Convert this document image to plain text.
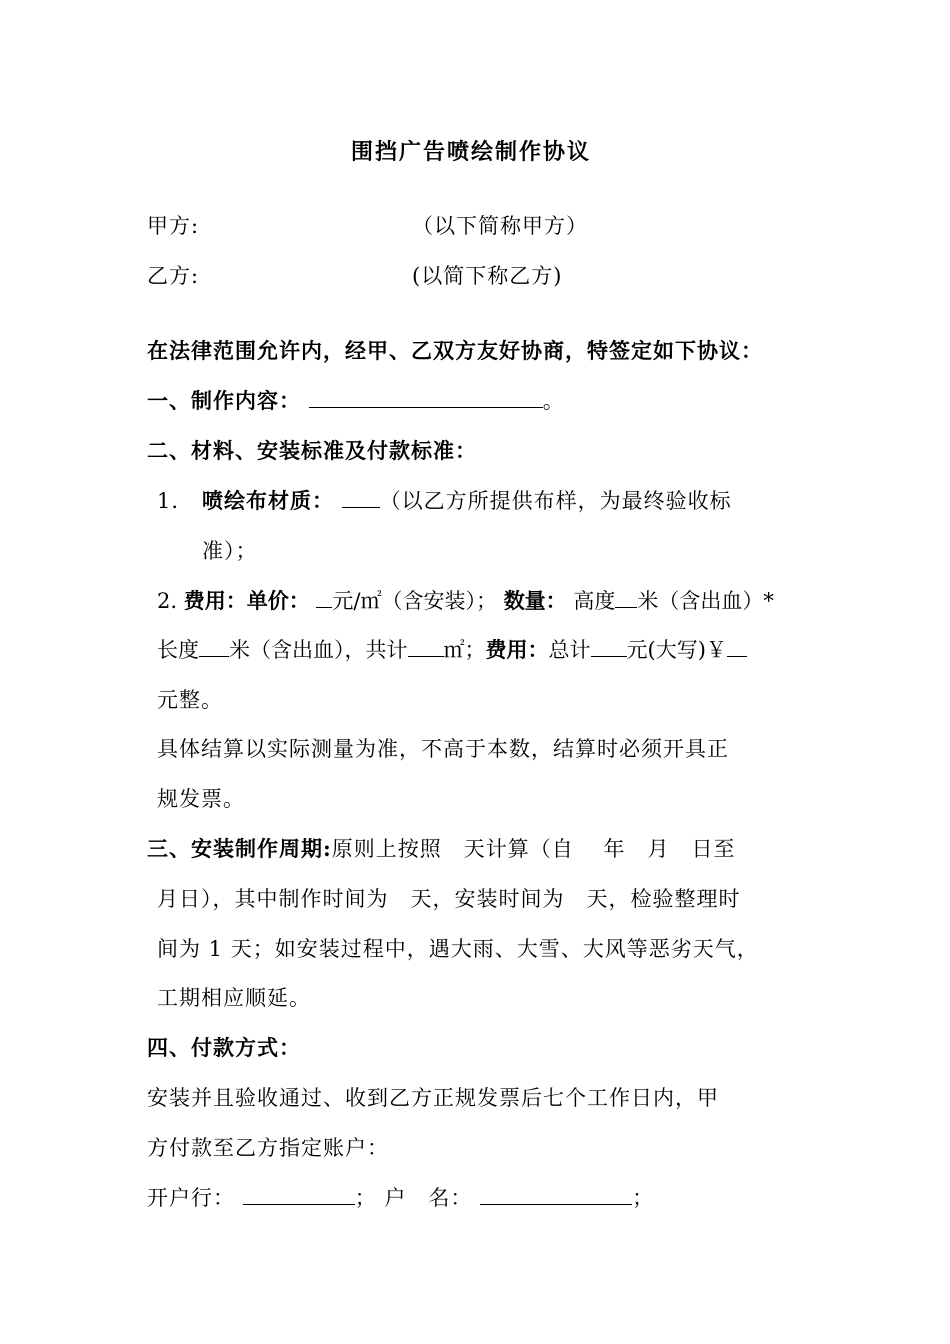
围挡广告喷绘制作协议
甲方:	（以下简称甲方）
乙方:	(以简下称乙方)
在法律范围允许内，经甲、乙双方友好协商，特签定如下协议：
一、制作内容：	。
二、材料、安装标准及付款标准：
1. 喷绘布材质： （以乙方所提供布样，为最终验收标
准）；
2. 费用：单价： 元/㎡（含安装）； 数量： 高度 米（含出血）*
长度 米（含出血），共计 ㎡；费用：总计 元(大写)￥
元整。
具体结算以实际测量为准，不高于本数，结算时必须开具正
规发票。
三、安装制作周期:原则上按照　天计算（自　 年　月　日至
月日），其中制作时间为　天，安装时间为　天，检验整理时
间为 1 天；如安装过程中，遇大雨、大雪、大风等恶劣天气，
工期相应顺延。
四、付款方式：
安装并且验收通过、收到乙方正规发票后七个工作日内，甲
方付款至乙方指定账户：
开户行：	； 户　名：	；
